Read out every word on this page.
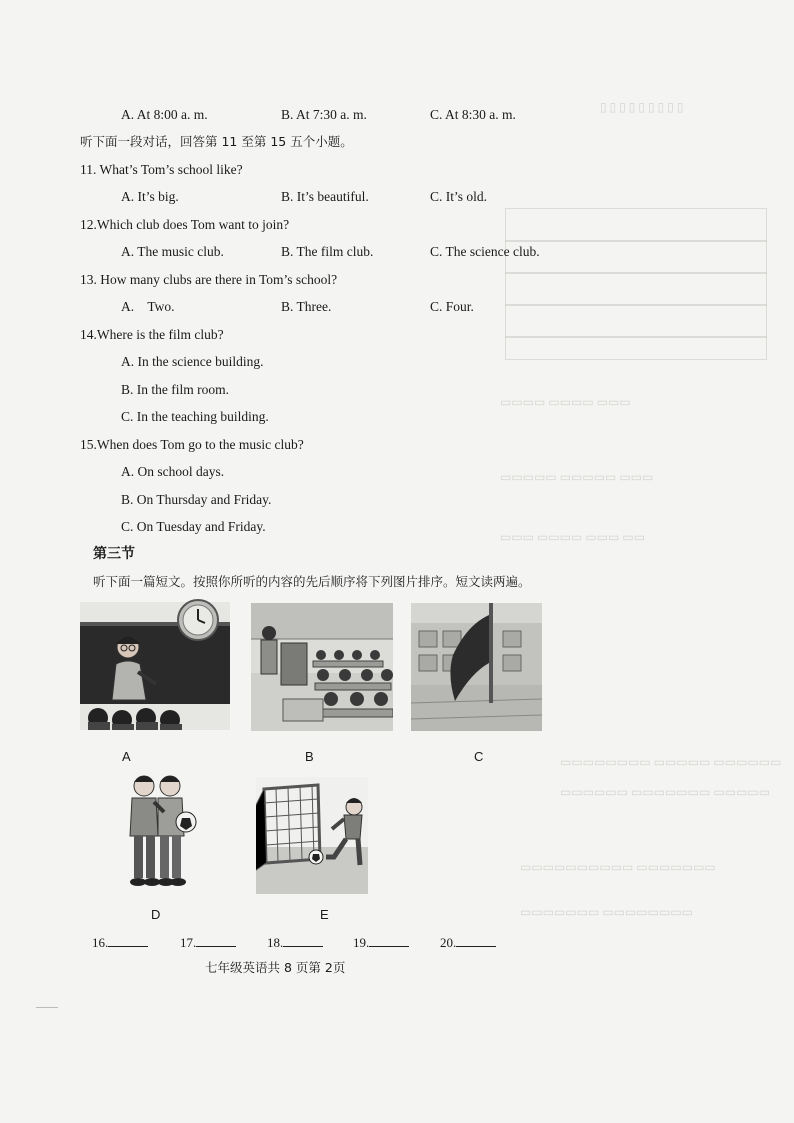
▯ ▯ ▯ ▯ ▯ ▯ ▯ ▯ ▯
▭▭▭▭ ▭▭▭▭ ▭▭▭
▭▭▭▭▭ ▭▭▭▭▭ ▭▭▭
▭▭▭ ▭▭▭▭ ▭▭▭ ▭▭
▭▭▭▭▭▭▭▭ ▭▭▭▭▭ ▭▭▭▭▭▭
▭▭▭▭▭▭ ▭▭▭▭▭▭▭ ▭▭▭▭▭
▭▭▭▭▭▭▭▭▭▭ ▭▭▭▭▭▭▭
▭▭▭▭▭▭▭ ▭▭▭▭▭▭▭▭
A. At 8:00 a. m.	B. At 7:30 a. m.	C. At 8:30 a. m.
听下面一段对话，回答第 11 至第 15 五个小题。
11. What’s Tom’s school like?
A. It’s big.	B. It’s beautiful.	C. It’s old.
12.Which club does Tom want to join?
A. The music club.	B. The film club.	C. The science club.
13. How many clubs are there in Tom’s school?
A.    Two.	B. Three.	C. Four.
14.Where is the film club?
A. In the science building.
B. In the film room.
C. In the teaching building.
15.When does Tom go to the music club?
A. On school days.
B. On Thursday and Friday.
C. On Tuesday and Friday.
第三节
听下面一篇短文。按照你所听的内容的先后顺序将下列图片排序。短文读两遍。
A	B	C
D	E
16.	17.	18.	19.	20.
七年级英语共 8 页第 2页
